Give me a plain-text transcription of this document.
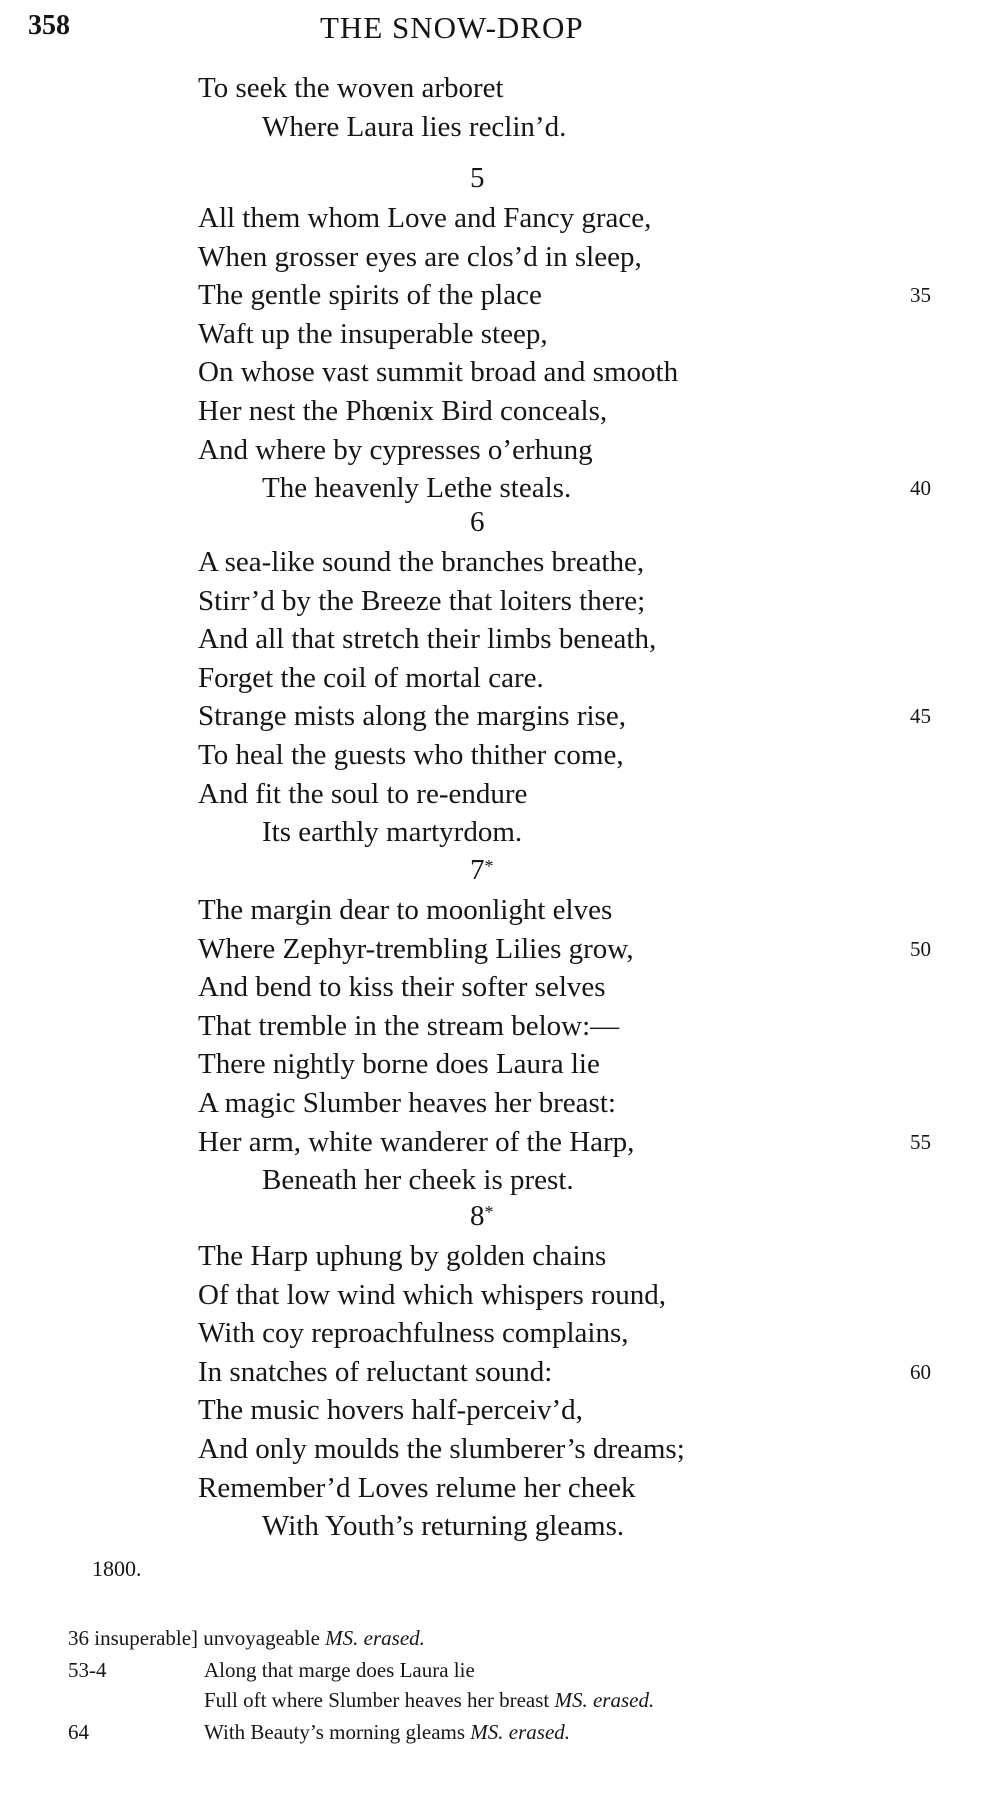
358	THE SNOW-DROP
To seek the woven arboret
Where Laura lies reclin’d.
5
All them whom Love and Fancy grace,
When grosser eyes are clos’d in sleep,
The gentle spirits of the place	35
Waft up the insuperable steep,
On whose vast summit broad and smooth
Her nest the Phœnix Bird conceals,
And where by cypresses o’erhung
The heavenly Lethe steals.	40
6
A sea-like sound the branches breathe,
Stirr’d by the Breeze that loiters there;
And all that stretch their limbs beneath,
Forget the coil of mortal care.
Strange mists along the margins rise,	45
To heal the guests who thither come,
And fit the soul to re-endure
Its earthly martyrdom.
7*
The margin dear to moonlight elves
Where Zephyr-trembling Lilies grow,	50
And bend to kiss their softer selves
That tremble in the stream below:—
There nightly borne does Laura lie
A magic Slumber heaves her breast:
Her arm, white wanderer of the Harp,	55
Beneath her cheek is prest.
8*
The Harp uphung by golden chains
Of that low wind which whispers round,
With coy reproachfulness complains,
In snatches of reluctant sound:	60
The music hovers half-perceiv’d,
And only moulds the slumberer’s dreams;
Remember’d Loves relume her cheek
With Youth’s returning gleams.
1800.
36 insuperable] unvoyageable MS. erased.
53-4	Along that marge does Laura lie
Full oft where Slumber heaves her breast MS. erased.
64	With Beauty’s morning gleams MS. erased.
